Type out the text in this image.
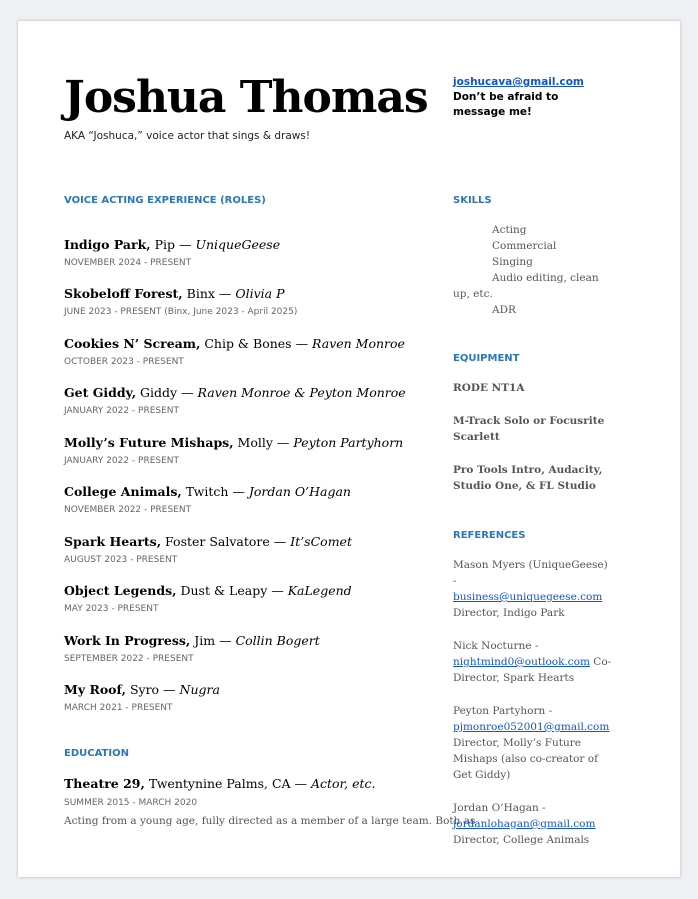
Joshua Thomas
AKA “Joshuca,” voice actor that sings & draws!
joshucava@gmail.com
Don’t be afraid to message me!
VOICE ACTING EXPERIENCE (ROLES)
Indigo Park, Pip — UniqueGeese
NOVEMBER 2024 - PRESENT
Skobeloff Forest, Binx — Olivia P
JUNE 2023 - PRESENT (Binx, June 2023 - April 2025)
Cookies N’ Scream, Chip & Bones — Raven Monroe
OCTOBER 2023 - PRESENT
Get Giddy, Giddy — Raven Monroe & Peyton Monroe
JANUARY 2022 - PRESENT
Molly’s Future Mishaps, Molly — Peyton Partyhorn
JANUARY 2022 - PRESENT
College Animals, Twitch — Jordan O’Hagan
NOVEMBER 2022 - PRESENT
Spark Hearts, Foster Salvatore — It’sComet
AUGUST 2023 - PRESENT
Object Legends, Dust & Leapy — KaLegend
MAY 2023 - PRESENT
Work In Progress, Jim — Collin Bogert
SEPTEMBER 2022 - PRESENT
My Roof, Syro — Nugra
MARCH 2021 - PRESENT
EDUCATION
Theatre 29, Twentynine Palms, CA — Actor, etc.
SUMMER 2015 - MARCH 2020
Acting from a young age, fully directed as a member of a large team. Both as
SKILLS
Acting
Commercial
Singing
Audio editing, clean up, etc.
ADR
EQUIPMENT
RODE NT1A
M-Track Solo or Focusrite Scarlett
Pro Tools Intro, Audacity, Studio One, & FL Studio
REFERENCES
Mason Myers (UniqueGeese) -
business@uniquegeese.com
Director, Indigo Park
Nick Nocturne -
nightmind0@outlook.com Co-Director, Spark Hearts
Peyton Partyhorn -
pjmonroe052001@gmail.com
Director, Molly’s Future Mishaps (also co-creator of Get Giddy)
Jordan O’Hagan -
jordanlohagan@gmail.com
Director, College Animals
